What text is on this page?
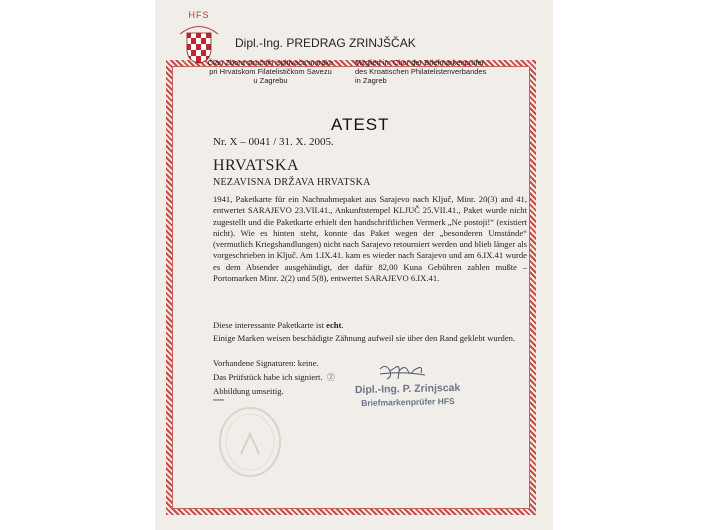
HFS
Dipl.-Ing. PREDRAG ZRINJŠČAK
Član Zbora stručnih ispitivača maraka
pri Hrvatskom Filatelističkom Savezu
u Zagrebu
Mitglied im Chor der Briefmarkenprüfer
des Kroatischen Philatelistenverbandes
in Zagreb
ATEST
Nr. X – 0041 / 31. X. 2005.
HRVATSKA
NEZAVISNA DRŽAVA HRVATSKA
1941, Paketkarte für ein Nachnahmepaket aus Sarajevo nach Ključ, Minr. 20(3) and 41, entwertet SARAJEVO 23.VII.41., Ankunftstempel KLJUČ 25.VII.41., Paket wurde nicht zugestellt und die Paketkarte erhielt den handschriftlichen Vermerk „Ne postoji!“ (existiert nicht). Wie es hinten steht, konnte das Paket wegen der „besonderen Umstände“ (vermutlich Kriegshandlungen) nicht nach Sarajevo retourniert werden und blieb länger als vorgeschrieben in Ključ. Am 1.IX.41. kam es wieder nach Sarajevo und am 6.IX.41 wurde es dem Absender ausgehändigt, der dafür 82,00 Kuna Gebühren zahlen mußte – Portomarken Minr. 2(2) und 5(8), entwertet SARAJEVO 6.IX.41.
Diese interessante Paketkarte ist echt.
Einige Marken weisen beschädigte Zähnung aufweil sie über den Rand geklebt wurden.
Vorhandene Signaturen: keine.
Das Prüfstück habe ich signiert.
Abbildung umseitig.
ºººººº
Ⓩ
Dipl.-Ing. P. Zrinjscak
Briefmarkenprüfer HFS
